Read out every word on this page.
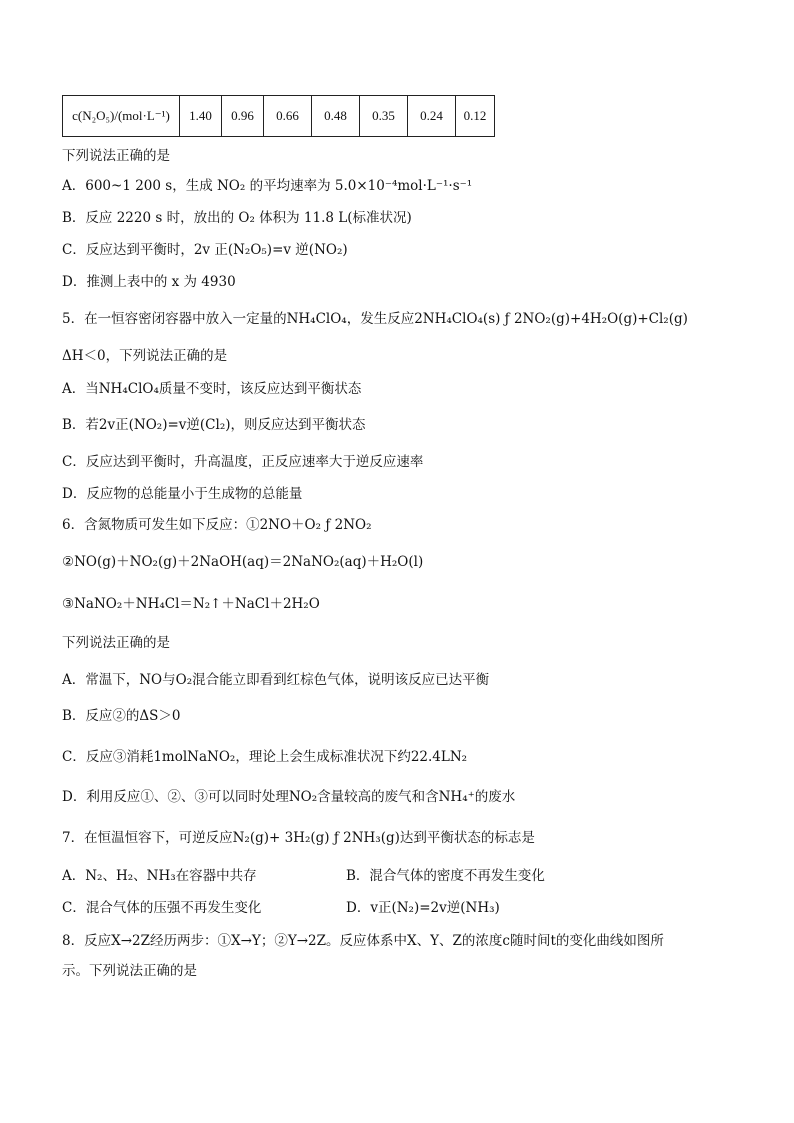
c(N₂O₅)/(mol·L⁻¹)	1.40	0.96	0.66	0.48	0.35	0.24	0.12
下列说法正确的是
A．600~1 200 s，生成 NO₂ 的平均速率为 5.0×10⁻⁴mol·L⁻¹·s⁻¹
B．反应 2220 s 时，放出的 O₂ 体积为 11.8 L(标准状况)
C．反应达到平衡时，2v 正(N₂O₅)=v 逆(NO₂)
D．推测上表中的 x 为 4930
5．在一恒容密闭容器中放入一定量的NH₄ClO₄，发生反应2NH₄ClO₄(s) ƒ 2NO₂(g)+4H₂O(g)+Cl₂(g)
ΔH＜0，下列说法正确的是
A．当NH₄ClO₄质量不变时，该反应达到平衡状态
B．若2v正(NO₂)=v逆(Cl₂)，则反应达到平衡状态
C．反应达到平衡时，升高温度，正反应速率大于逆反应速率
D．反应物的总能量小于生成物的总能量
6．含氮物质可发生如下反应：①2NO＋O₂ ƒ 2NO₂
②NO(g)＋NO₂(g)＋2NaOH(aq)＝2NaNO₂(aq)＋H₂O(l)
③NaNO₂＋NH₄Cl＝N₂↑＋NaCl＋2H₂O
下列说法正确的是
A．常温下，NO与O₂混合能立即看到红棕色气体，说明该反应已达平衡
B．反应②的ΔS＞0
C．反应③消耗1molNaNO₂，理论上会生成标准状况下约22.4LN₂
D．利用反应①、②、③可以同时处理NO₂含量较高的废气和含NH₄⁺的废水
7．在恒温恒容下，可逆反应N₂(g)+ 3H₂(g) ƒ 2NH₃(g)达到平衡状态的标志是
A．N₂、H₂、NH₃在容器中共存	B．混合气体的密度不再发生变化
C．混合气体的压强不再发生变化	D．v正(N₂)=2v逆(NH₃)
8．反应X→2Z经历两步：①X→Y；②Y→2Z。反应体系中X、Y、Z的浓度c随时间t的变化曲线如图所
示。下列说法正确的是
